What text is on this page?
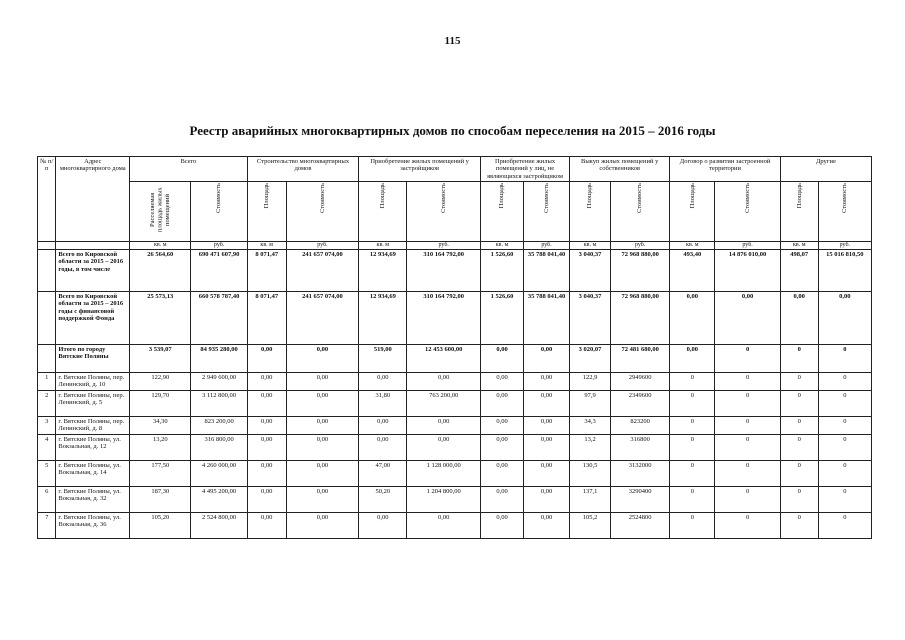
115
Реестр аварийных многоквартирных домов по способам переселения на 2015 – 2016 годы
№ п/п	Адрес многоквартирного дома	Всего		Строительство многоквартирных домов		Приобретение жилых помещений у застройщиков		Приобретение жилых помещений у лиц, не являющихся застройщиком		Выкуп жилых помещений у собственников		Договор о развитии застроенной территории		Другие	
		Расселяемая площадь жилых помещений	Стоимость	Площадь	Стоимость	Площадь	Стоимость	Площадь	Стоимость	Площадь	Стоимость	Площадь	Стоимость	Площадь	Стоимость
		кв. м	руб.	кв. м	руб.	кв. м	руб.	кв. м	руб.	кв. м	руб.	кв. м	руб.	кв. м	руб.
	Всего по Кировской области за 2015 – 2016 годы, в том числе	26 564,60	690 471 607,90	8 071,47	241 657 074,00	12 934,69	310 164 792,00	1 526,60	35 788 041,40	3 040,37	72 968 880,00	493,40	14 876 010,00	498,07	15 016 810,50
	Всего по Кировской области за 2015 – 2016 годы с финансовой поддержкой Фонда	25 573,13	660 578 787,40	8 071,47	241 657 074,00	12 934,69	310 164 792,00	1 526,60	35 788 041,40	3 040,37	72 968 880,00	0,00	0,00	0,00	0,00
	Итого по городу Вятские Поляны	3 539,07	84 935 280,00	0,00	0,00	519,00	12 453 600,00	0,00	0,00	3 020,07	72 481 680,00	0,00	0	0	0
1	г. Вятские Поляны, пер. Ленинский, д. 10	122,90	2 949 600,00	0,00	0,00	0,00	0,00	0,00	0,00	122,9	2949600	0	0	0	0
2	г. Вятские Поляны, пер. Ленинский, д. 5	129,70	3 112 800,00	0,00	0,00	31,80	763 200,00	0,00	0,00	97,9	2349600	0	0	0	0
3	г. Вятские Поляны, пер. Ленинский, д. 8	34,30	823 200,00	0,00	0,00	0,00	0,00	0,00	0,00	34,3	823200	0	0	0	0
4	г. Вятские Поляны, ул. Вокзальная, д. 12	13,20	316 800,00	0,00	0,00	0,00	0,00	0,00	0,00	13,2	316800	0	0	0	0
5	г. Вятские Поляны, ул. Вокзальная, д. 14	177,50	4 260 000,00	0,00	0,00	47,00	1 128 000,00	0,00	0,00	130,5	3132000	0	0	0	0
6	г. Вятские Поляны, ул. Вокзальная, д. 32	187,30	4 495 200,00	0,00	0,00	50,20	1 204 800,00	0,00	0,00	137,1	3290400	0	0	0	0
7	г. Вятские Поляны, ул. Вокзальная, д. 36	105,20	2 524 800,00	0,00	0,00	0,00	0,00	0,00	0,00	105,2	2524800	0	0	0	0
